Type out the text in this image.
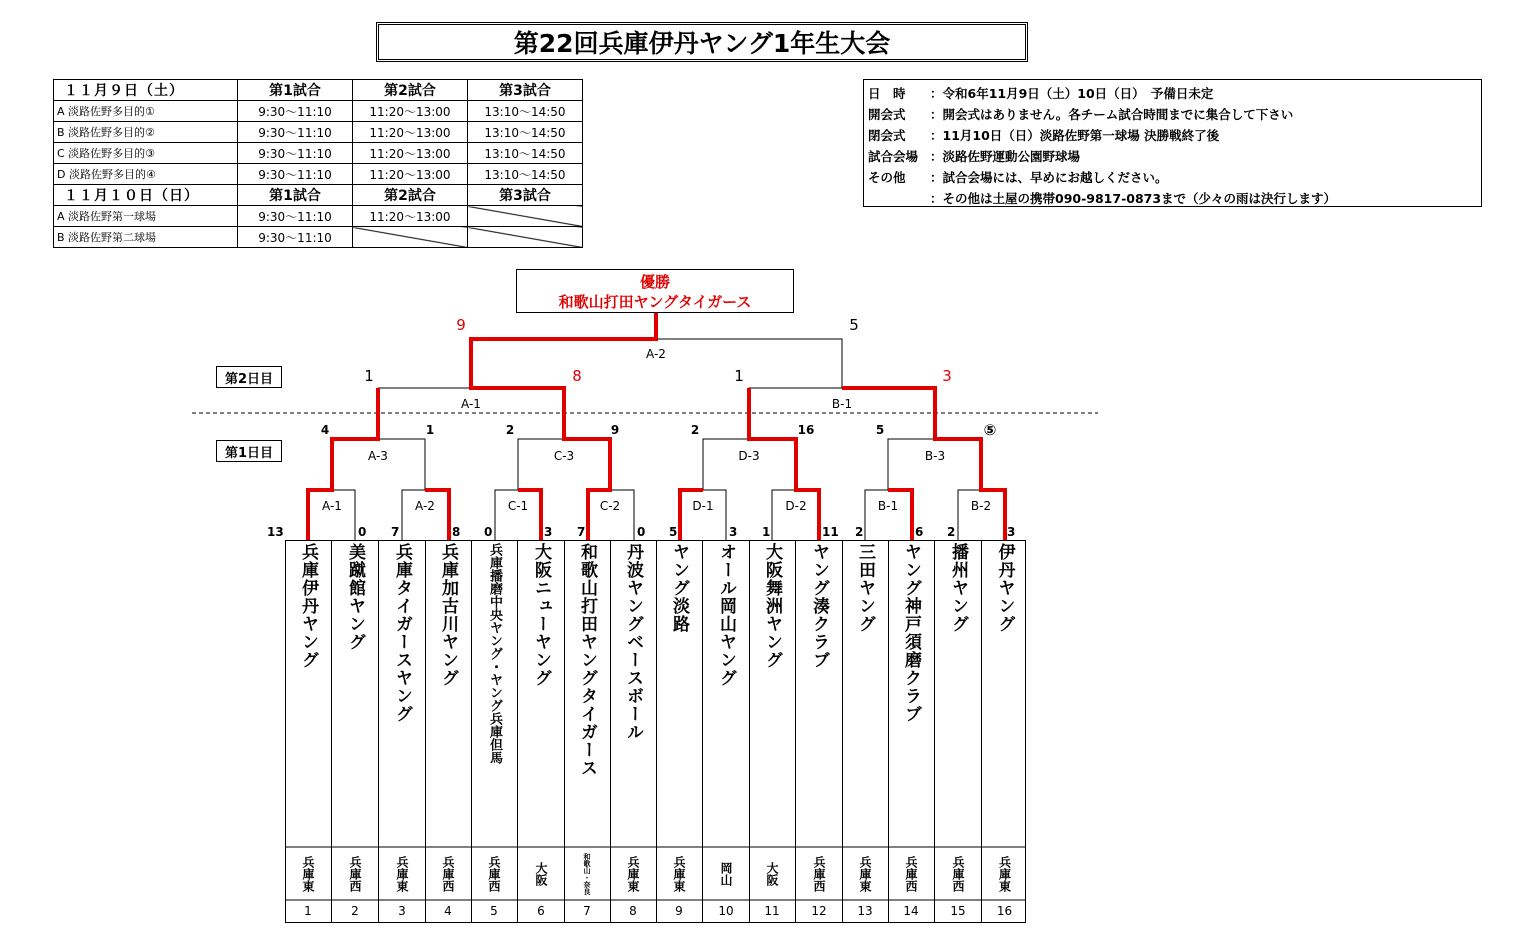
第22回兵庫伊丹ヤング1年生大会
１１月９日（土）	第1試合	第2試合	第3試合
A 淡路佐野多目的①	9:30～11:10	11:20～13:00	13:10～14:50
B 淡路佐野多目的②	9:30～11:10	11:20～13:00	13:10～14:50
C 淡路佐野多目的③	9:30～11:10	11:20～13:00	13:10～14:50
D 淡路佐野多目的④	9:30～11:10	11:20～13:00	13:10～14:50
１１月１０日（日）	第1試合	第2試合	第3試合
A 淡路佐野第一球場	9:30～11:10	11:20～13:00	
B 淡路佐野第二球場	9:30～11:10		
日　時	：令和6年11月9日（土）10日（日）　予備日未定
開会式	：開会式はありません。各チーム試合時間までに集合して下さい
閉会式	：11月10日（日）淡路佐野第一球場 決勝戦終了後
試合会場 ：淡路佐野運動公園野球場
その他	：試合会場には、早めにお越しください。
：その他は土屋の携帯090-9817-0873まで（少々の雨は決行します）
優勝
和歌山打田ヤングタイガース
第2日目
第1日目
A-2
9	5
A-1
1	8
B-1
1	3
A-3
4	1
C-3
2	9
D-3
2	16
B-3
5	⑤
A-1	A-2	C-1	C-2	D-1	D-2	B-1	B-2
13	0 7	8 0	3 7	0 5	3 1	11 2	6 2	3
兵庫伊丹ヤング 美蹴館ヤング 兵庫タイガースヤング 兵庫加古川ヤング 兵庫播磨中央ヤング・ヤング兵庫但馬 大阪ニューヤング 和歌山打田ヤングタイガース 丹波ヤングベースボール ヤング淡路 オール岡山ヤング 大阪舞洲ヤング ヤング湊クラブ 三田ヤング ヤング神戸須磨クラブ 播州ヤング 伊丹ヤング
兵庫東	兵庫西	兵庫東	兵庫西	兵庫西	大阪	和歌山・奈良	兵庫東	兵庫東	岡山	大阪	兵庫西	兵庫東	兵庫西	兵庫西	兵庫東
1	2	3	4	5	6	7	8	9	10	11	12	13	14	15	16
